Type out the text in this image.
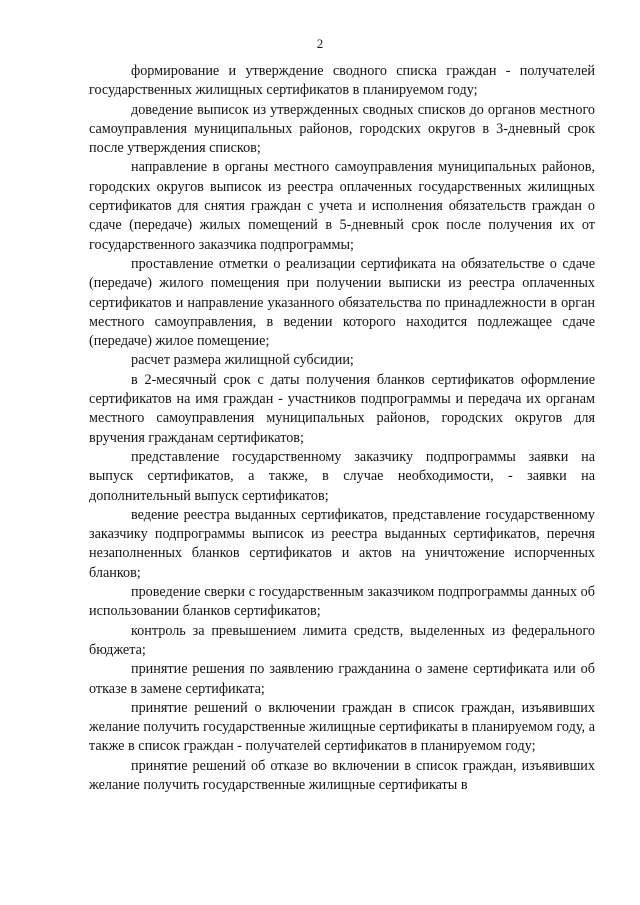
2

формирование и утверждение сводного списка граждан - получателей государственных жилищных сертификатов в планируемом году;

доведение выписок из утвержденных сводных списков до органов местного самоуправления муниципальных районов, городских округов в 3-дневный срок после утверждения списков;

направление в органы местного самоуправления муниципальных районов, городских округов выписок из реестра оплаченных государственных жилищных сертификатов для снятия граждан с учета и исполнения обязательств граждан о сдаче (передаче) жилых помещений в 5-дневный срок после получения их от государственного заказчика подпрограммы;

проставление отметки о реализации сертификата на обязательстве о сдаче (передаче) жилого помещения при получении выписки из реестра оплаченных сертификатов и направление указанного обязательства по принадлежности в орган местного самоуправления, в ведении которого находится подлежащее сдаче (передаче) жилое помещение;

расчет размера жилищной субсидии;

в 2-месячный срок с даты получения бланков сертификатов оформление сертификатов на имя граждан - участников подпрограммы и передача их органам местного самоуправления муниципальных районов, городских округов для вручения гражданам сертификатов;

представление государственному заказчику подпрограммы заявки на выпуск сертификатов, а также, в случае необходимости, - заявки на дополнительный выпуск сертификатов;

ведение реестра выданных сертификатов, представление государственному заказчику подпрограммы выписок из реестра выданных сертификатов, перечня незаполненных бланков сертификатов и актов на уничтожение испорченных бланков;

проведение сверки с государственным заказчиком подпрограммы данных об использовании бланков сертификатов;

контроль за превышением лимита средств, выделенных из федерального бюджета;

принятие решения по заявлению гражданина о замене сертификата или об отказе в замене сертификата;

принятие решений о включении граждан в список граждан, изъявивших желание получить государственные жилищные сертификаты в планируемом году, а также в список граждан - получателей сертификатов в планируемом году;

принятие решений об отказе во включении в список граждан, изъявивших желание получить государственные жилищные сертификаты в
